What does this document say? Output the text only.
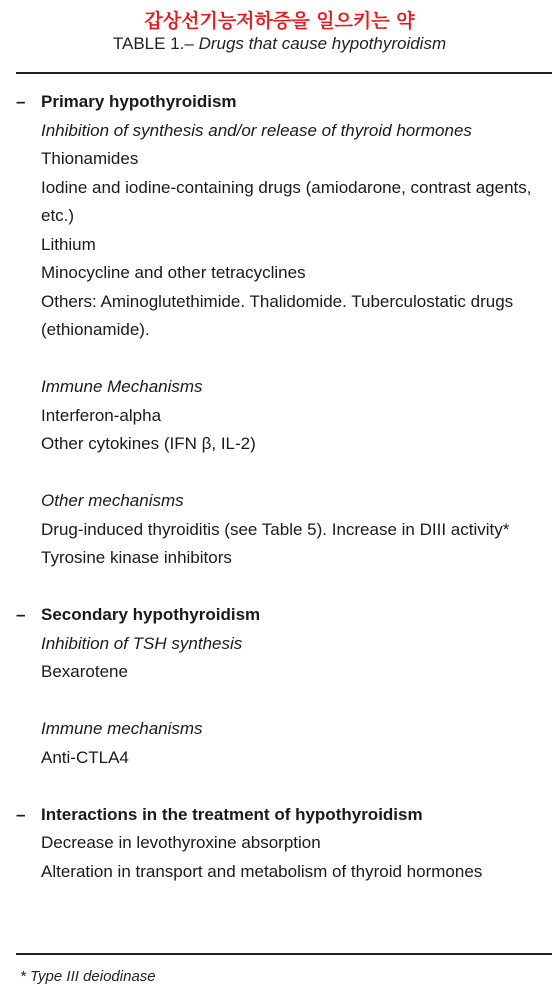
갑상선기능저하증을 일으키는 약
TABLE 1.– Drugs that cause hypothyroidism
– Primary hypothyroidism
Inhibition of synthesis and/or release of thyroid hormones
Thionamides
Iodine and iodine-containing drugs (amiodarone, contrast agents, etc.)
Lithium
Minocycline and other tetracyclines
Others: Aminoglutethimide. Thalidomide. Tuberculostatic drugs (ethionamide).
Immune Mechanisms
Interferon-alpha
Other cytokines (IFN β, IL-2)
Other mechanisms
Drug-induced thyroiditis (see Table 5). Increase in DIII activity*
Tyrosine kinase inhibitors
– Secondary hypothyroidism
Inhibition of TSH synthesis
Bexarotene
Immune mechanisms
Anti-CTLA4
– Interactions in the treatment of hypothyroidism
Decrease in levothyroxine absorption
Alteration in transport and metabolism of thyroid hormones
* Type III deiodinase
